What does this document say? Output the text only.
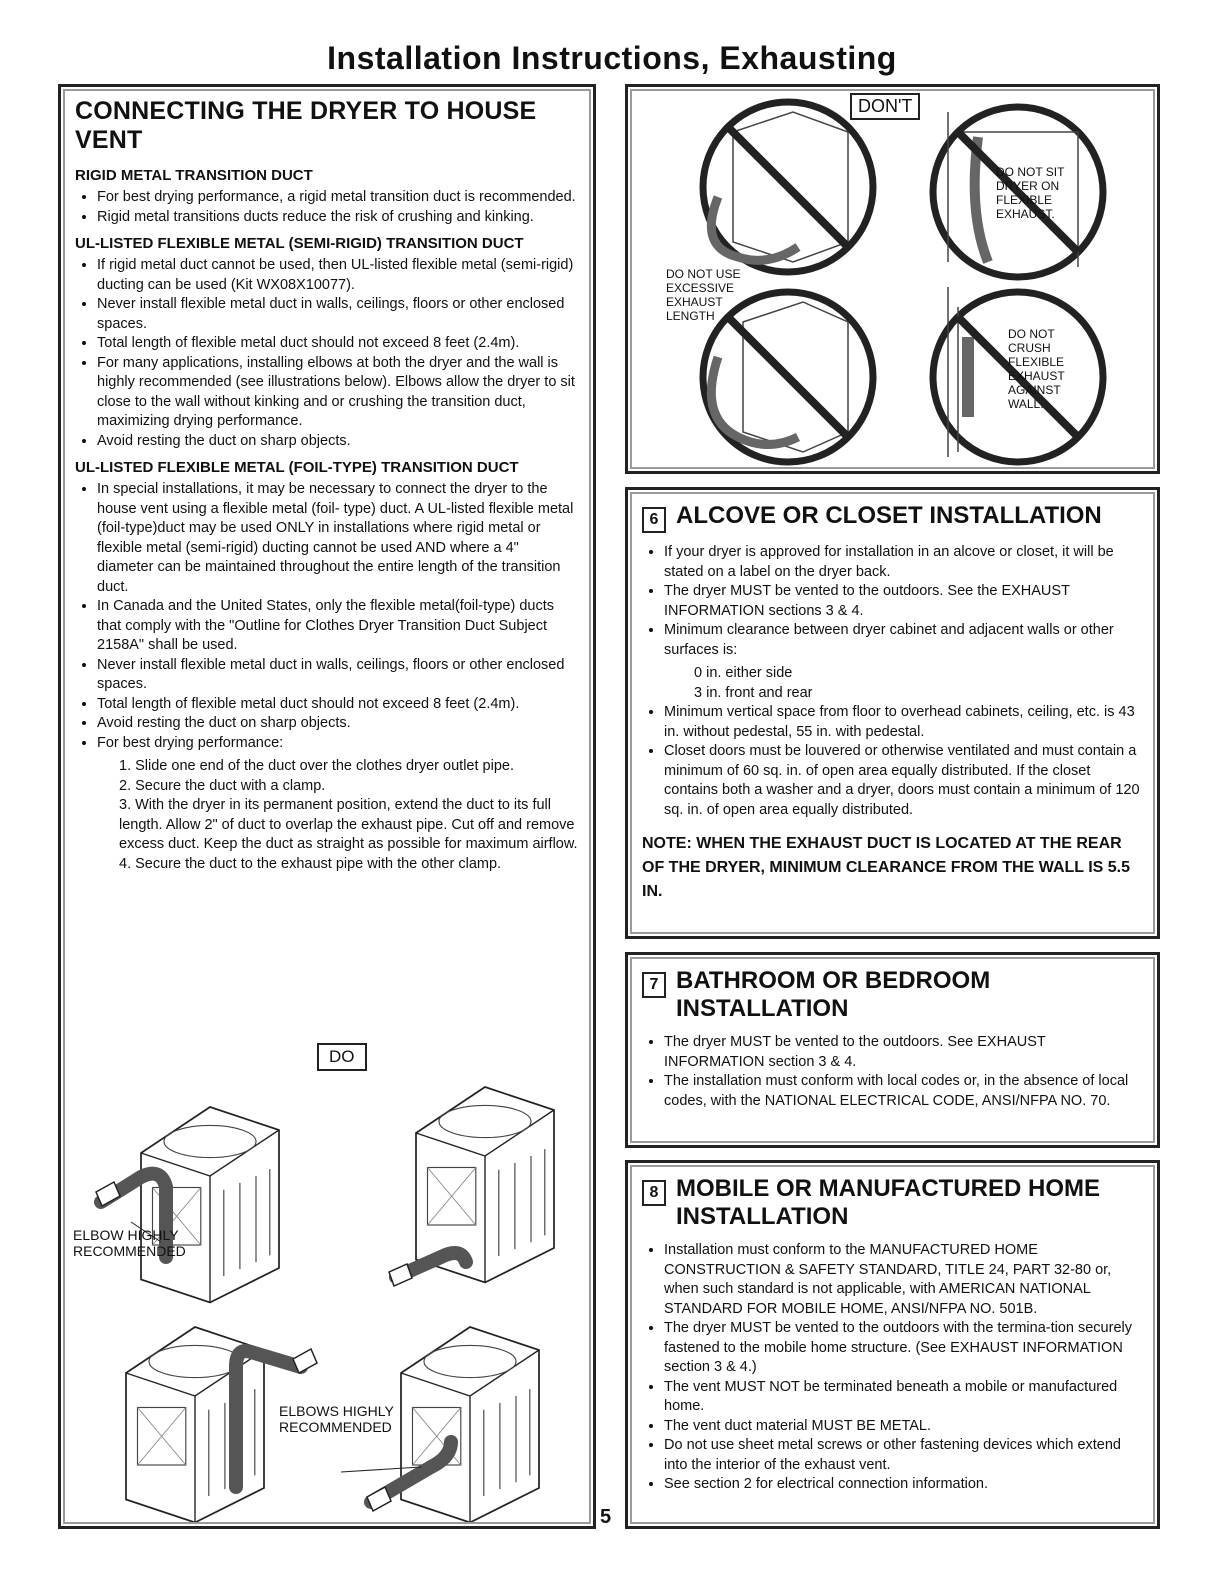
Installation Instructions, Exhausting
CONNECTING THE DRYER TO HOUSE VENT
RIGID METAL TRANSITION DUCT
• For best drying performance, a rigid metal transition duct is recommended.
• Rigid metal transitions ducts reduce the risk of crushing and kinking.
UL-LISTED FLEXIBLE METAL (SEMI-RIGID) TRANSITION DUCT
• If rigid metal duct cannot be used, then UL-listed flexible metal (semi-rigid) ducting can be used (Kit WX08X10077).
• Never install flexible metal duct in walls, ceilings, floors or other enclosed spaces.
• Total length of flexible metal duct should not exceed 8 feet (2.4m).
• For many applications, installing elbows at both the dryer and the wall is highly recommended (see illustrations below). Elbows allow the dryer to sit close to the wall without kinking and or crushing the transition duct, maximizing drying performance.
• Avoid resting the duct on sharp objects.
UL-LISTED FLEXIBLE METAL (FOIL-TYPE) TRANSITION DUCT
• In special installations, it may be necessary to connect the dryer to the house vent using a flexible metal (foil- type) duct. A UL-listed flexible metal (foil-type)duct may be used ONLY in installations where rigid metal or flexible metal (semi-rigid) ducting cannot be used AND where a 4" diameter can be maintained throughout the entire length of the transition duct.
• In Canada and the United States, only the flexible metal(foil-type) ducts that comply with the "Outline for Clothes Dryer Transition Duct Subject 2158A" shall be used.
• Never install flexible metal duct in walls, ceilings, floors or other enclosed spaces.
• Total length of flexible metal duct should not exceed 8 feet (2.4m).
• Avoid resting the duct on sharp objects.
• For best drying performance:
1. Slide one end of the duct over the clothes dryer outlet pipe.
2. Secure the duct with a clamp.
3. With the dryer in its permanent position, extend the duct to its full length. Allow 2" of duct to overlap the exhaust pipe. Cut off and remove excess duct. Keep the duct as straight as possible for maximum airflow.
4. Secure the duct to the exhaust pipe with the other clamp.
DO
ELBOW HIGHLY RECOMMENDED
ELBOWS HIGHLY RECOMMENDED
DON'T
DO NOT USE EXCESSIVE EXHAUST LENGTH
DO NOT SIT DRYER ON FLEXIBLE EXHAUST.
DO NOT CRUSH FLEXIBLE EXHAUST AGAINST WALL.
6 ALCOVE OR CLOSET INSTALLATION
• If your dryer is approved for installation in an alcove or closet, it will be stated on a label on the dryer back.
• The dryer MUST be vented to the outdoors. See the EXHAUST INFORMATION sections 3 & 4.
• Minimum clearance between dryer cabinet and adjacent walls or other surfaces is:
0 in. either side
3 in. front and rear
• Minimum vertical space from floor to overhead cabinets, ceiling, etc. is 43 in. without pedestal, 55 in. with pedestal.
• Closet doors must be louvered or otherwise ventilated and must contain a minimum of 60 sq. in. of open area equally distributed. If the closet contains both a washer and a dryer, doors must contain a minimum of 120 sq. in. of open area equally distributed.
NOTE: WHEN THE EXHAUST DUCT IS LOCATED AT THE REAR OF THE DRYER, MINIMUM CLEARANCE FROM THE WALL IS 5.5 IN.
7 BATHROOM OR BEDROOM INSTALLATION
• The dryer MUST be vented to the outdoors. See EXHAUST INFORMATION section 3 & 4.
• The installation must conform with local codes or, in the absence of local codes, with the NATIONAL ELECTRICAL CODE, ANSI/NFPA NO. 70.
8 MOBILE OR MANUFACTURED HOME INSTALLATION
• Installation must conform to the MANUFACTURED HOME CONSTRUCTION & SAFETY STANDARD, TITLE 24, PART 32-80 or, when such standard is not applicable, with AMERICAN NATIONAL STANDARD FOR MOBILE HOME, ANSI/NFPA NO. 501B.
• The dryer MUST be vented to the outdoors with the termina-tion securely fastened to the mobile home structure. (See EXHAUST INFORMATION section 3 & 4.)
• The vent MUST NOT be terminated beneath a mobile or manufactured home.
• The vent duct material MUST BE METAL.
• Do not use sheet metal screws or other fastening devices which extend into the interior of the exhaust vent.
• See section 2 for electrical connection information.
5
